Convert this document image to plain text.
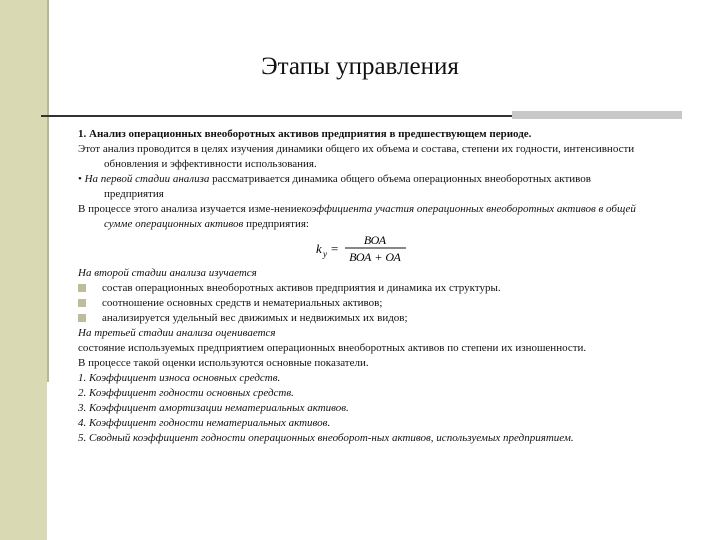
Этапы управления

1. Анализ операционных внеоборотных активов предприятия в предшествующем периоде.

Этот анализ проводится в целях изучения динамики общего их объема и состава, степени их годности, интенсивности обновления и эффективности использования.

• На первой стадии анализа рассматривается динамика общего объема операционных внеоборотных активов предприятия

В процессе этого анализа изучается изме-нениекоэффициента участия операционных внеоборотных активов в общей сумме операционных активов предприятия:

k у =
ВОА
ВОА + ОА

На второй стадии анализа изучается

состав операционных внеоборотных активов предприятия и динамика их структуры.
соотношение основных средств и нематериальных активов;
анализируется удельный вес движимых и недвижимых их видов;

На третьей стадии анализа оценивается

состояние используемых предприятием операционных внеоборотных активов по степени их изношенности.

В процессе такой оценки используются основные показатели.

1. Коэффициент износа основных средств.

2. Коэффициент годности основных средств.

3. Коэффициент амортизации нематериальных активов.

4. Коэффициент годности нематериальных активов.

5. Сводный коэффициент годности операционных внеоборот-ных активов, используемых предприятием.
